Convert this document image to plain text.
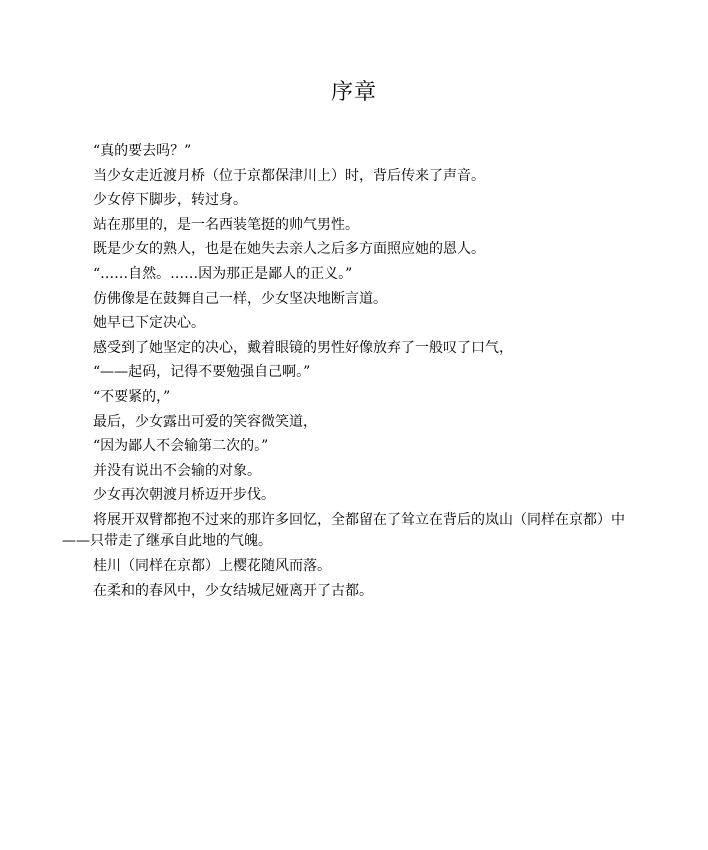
序章

“真的要去吗？”

当少女走近渡月桥（位于京都保津川上）时，背后传来了声音。

少女停下脚步，转过身。

站在那里的，是一名西装笔挺的帅气男性。

既是少女的熟人，也是在她失去亲人之后多方面照应她的恩人。

“……自然。……因为那正是鄙人的正义。”

仿佛像是在鼓舞自己一样，少女坚决地断言道。

她早已下定决心。

感受到了她坚定的决心，戴着眼镜的男性好像放弃了一般叹了口气，

“——起码，记得不要勉强自己啊。”

“不要紧的，”

最后，少女露出可爱的笑容微笑道，

“因为鄙人不会输第二次的。”

并没有说出不会输的对象。

少女再次朝渡月桥迈开步伐。

将展开双臂都抱不过来的那许多回忆，全都留在了耸立在背后的岚山（同样在京都）中——只带走了继承自此地的气魄。

桂川（同样在京都）上樱花随风而落。

在柔和的春风中，少女结城尼娅离开了古都。
